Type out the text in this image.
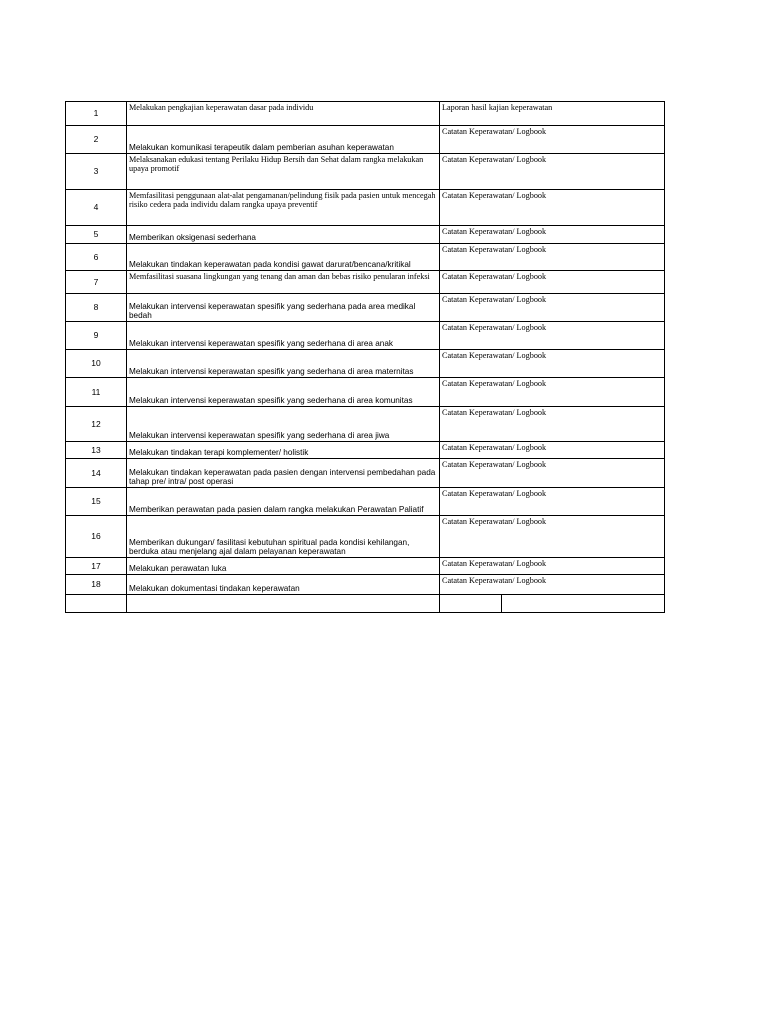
1	Melakukan pengkajian keperawatan dasar pada individu	Laporan hasil kajian keperawatan
2	Melakukan komunikasi terapeutik dalam pemberian asuhan keperawatan	Catatan Keperawatan/ Logbook
3	Melaksanakan edukasi tentang Perilaku Hidup Bersih dan Sehat dalam rangka melakukan upaya promotif	Catatan Keperawatan/ Logbook
4	Memfasilitasi penggunaan alat-alat pengamanan/pelindung fisik pada pasien untuk mencegah risiko cedera pada individu dalam rangka upaya preventif	Catatan Keperawatan/ Logbook
5	Memberikan oksigenasi sederhana	Catatan Keperawatan/ Logbook
6	Melakukan tindakan keperawatan pada kondisi gawat darurat/bencana/kritikal	Catatan Keperawatan/ Logbook
7	Memfasilitasi suasana lingkungan yang tenang dan aman dan bebas risiko penularan infeksi	Catatan Keperawatan/ Logbook
8	Melakukan intervensi keperawatan spesifik yang sederhana pada area medikal bedah	Catatan Keperawatan/ Logbook
9	Melakukan intervensi keperawatan spesifik yang sederhana di area anak	Catatan Keperawatan/ Logbook
10	Melakukan intervensi keperawatan spesifik yang sederhana di area maternitas	Catatan Keperawatan/ Logbook
11	Melakukan intervensi keperawatan spesifik yang sederhana di area komunitas	Catatan Keperawatan/ Logbook
12	Melakukan intervensi keperawatan spesifik yang sederhana di area jiwa	Catatan Keperawatan/ Logbook
13	Melakukan tindakan terapi komplementer/ holistik	Catatan Keperawatan/ Logbook
14	Melakukan tindakan keperawatan pada pasien dengan intervensi pembedahan pada tahap pre/ intra/ post operasi	Catatan Keperawatan/ Logbook
15	Memberikan perawatan pada pasien dalam rangka melakukan Perawatan Paliatif	Catatan Keperawatan/ Logbook
16	Memberikan dukungan/ fasilitasi kebutuhan spiritual pada kondisi kehilangan, berduka atau menjelang ajal dalam pelayanan keperawatan	Catatan Keperawatan/ Logbook
17	Melakukan perawatan luka	Catatan Keperawatan/ Logbook
18	Melakukan dokumentasi tindakan keperawatan	Catatan Keperawatan/ Logbook
